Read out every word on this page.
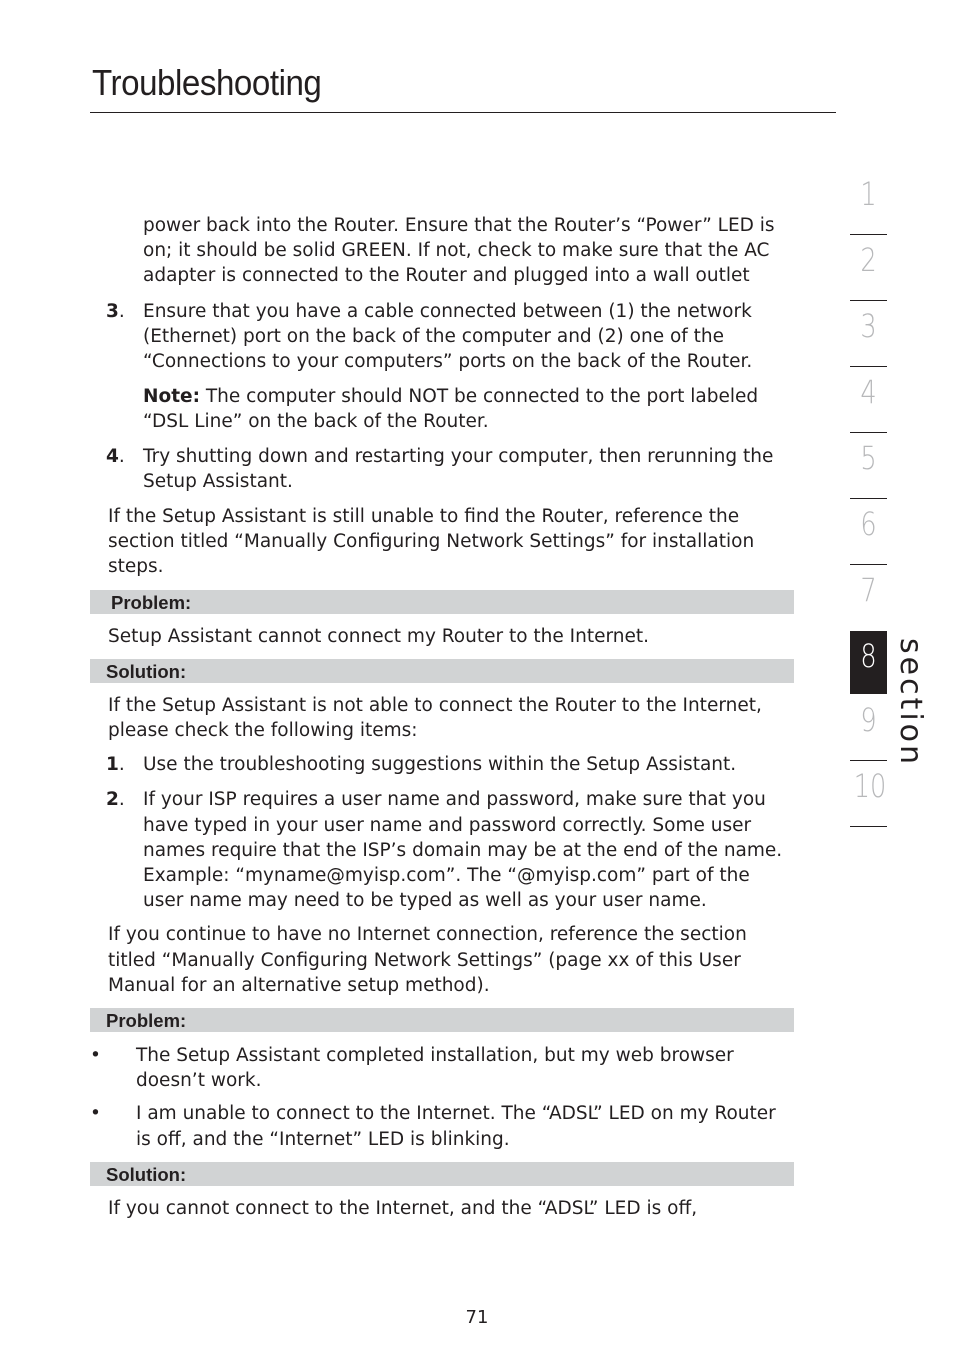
Troubleshooting
power back into the Router. Ensure that the Router’s “Power” LED is on; it should be solid GREEN. If not, check to make sure that the AC adapter is connected to the Router and plugged into a wall outlet
3. Ensure that you have a cable connected between (1) the network (Ethernet) port on the back of the computer and (2) one of the “Connections to your computers” ports on the back of the Router.
Note: The computer should NOT be connected to the port labeled “DSL Line” on the back of the Router.
4. Try shutting down and restarting your computer, then rerunning the Setup Assistant.
If the Setup Assistant is still unable to find the Router, reference the section titled “Manually Configuring Network Settings” for installation steps.
Problem:
Setup Assistant cannot connect my Router to the Internet.
Solution:
If the Setup Assistant is not able to connect the Router to the Internet, please check the following items:
1. Use the troubleshooting suggestions within the Setup Assistant.
2. If your ISP requires a user name and password, make sure that you have typed in your user name and password correctly. Some user names require that the ISP’s domain may be at the end of the name. Example: “myname@myisp.com”. The “@myisp.com” part of the user name may need to be typed as well as your user name.
If you continue to have no Internet connection, reference the section titled “Manually Configuring Network Settings” (page xx of this User Manual for an alternative setup method).
Problem:
• The Setup Assistant completed installation, but my web browser doesn’t work.
• I am unable to connect to the Internet. The “ADSL” LED on my Router is off, and the “Internet” LED is blinking.
Solution:
If you cannot connect to the Internet, and the “ADSL” LED is off,
1
2
3
4
5
6
7
8
9
10
section
71
